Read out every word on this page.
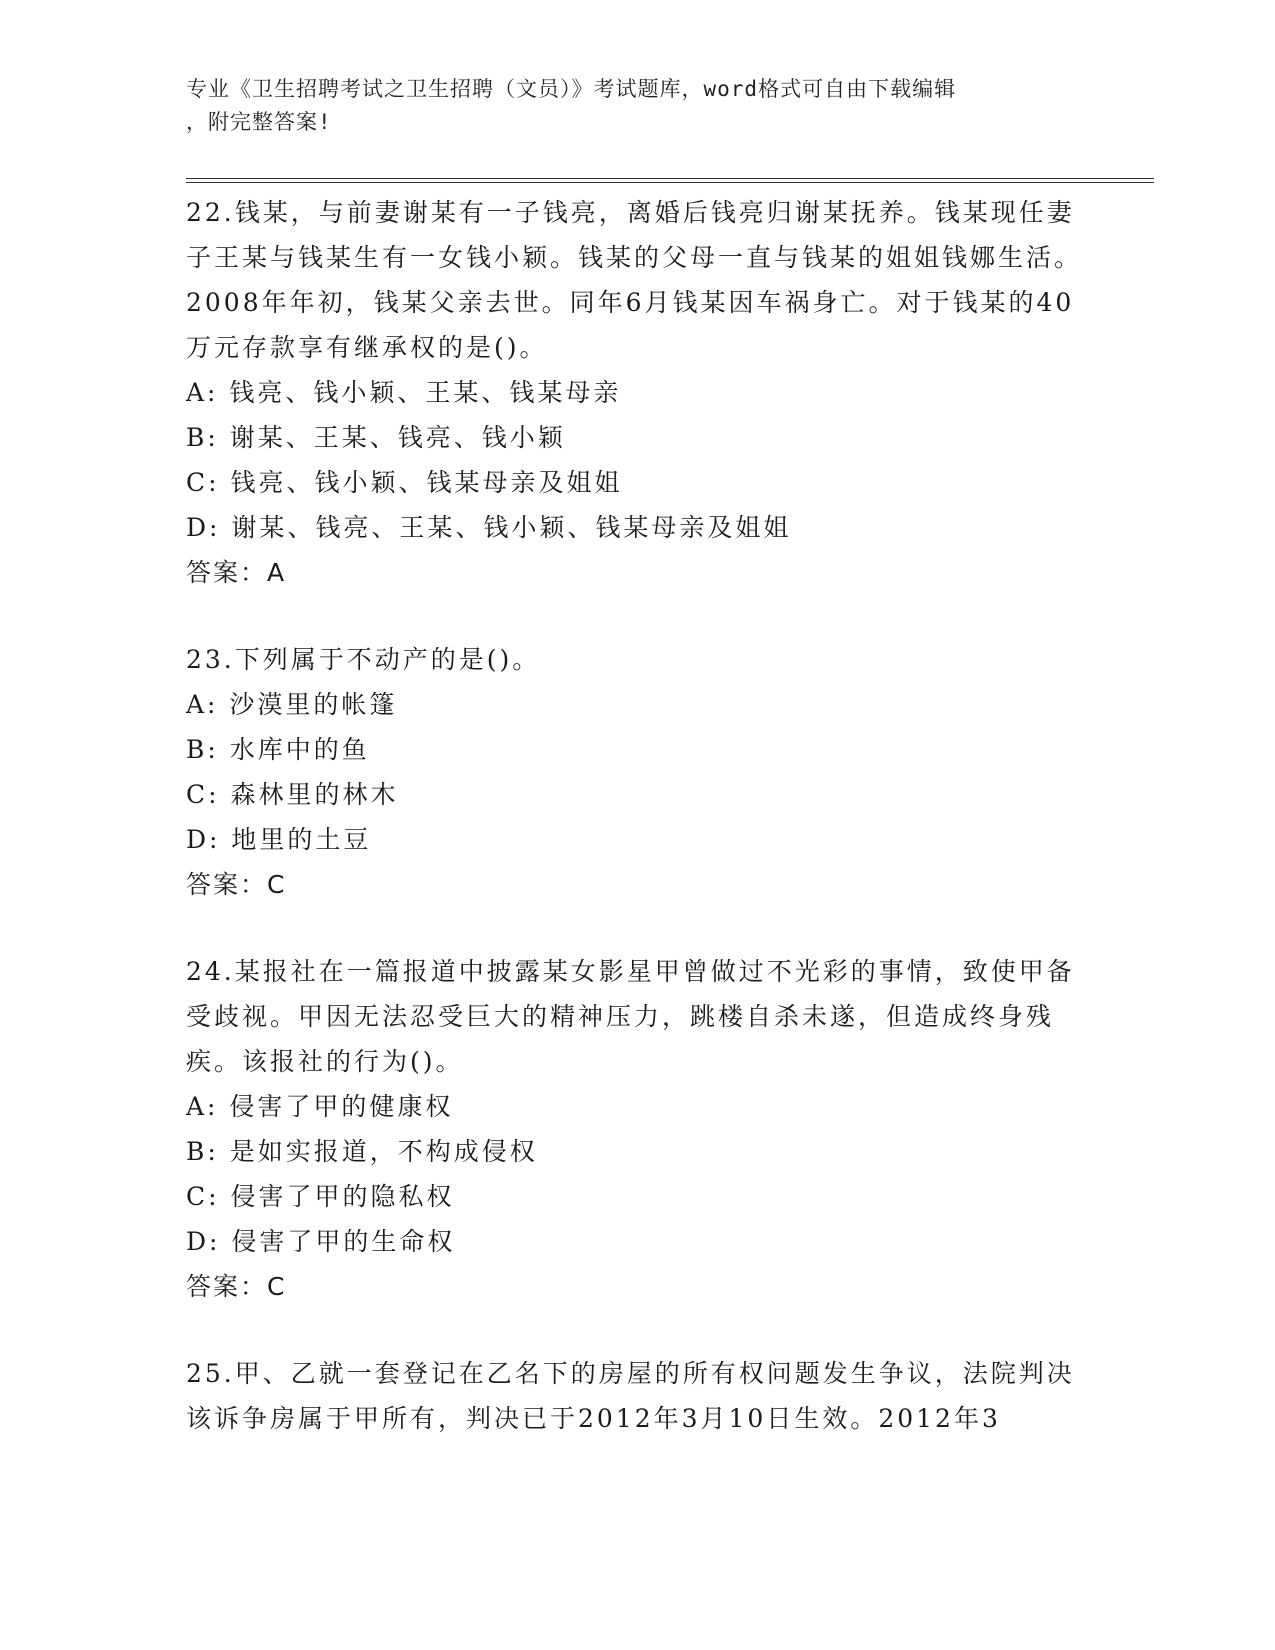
专业《卫生招聘考试之卫生招聘（文员）》考试题库，word格式可自由下载编辑
，附完整答案!

22.钱某，与前妻谢某有一子钱亮，离婚后钱亮归谢某抚养。钱某现任妻子王某与钱某生有一女钱小颖。钱某的父母一直与钱某的姐姐钱娜生活。2008年年初，钱某父亲去世。同年6月钱某因车祸身亡。对于钱某的40万元存款享有继承权的是()。

A: 钱亮、钱小颖、王某、钱某母亲

B: 谢某、王某、钱亮、钱小颖

C: 钱亮、钱小颖、钱某母亲及姐姐

D: 谢某、钱亮、王某、钱小颖、钱某母亲及姐姐

答案：A

23.下列属于不动产的是()。

A: 沙漠里的帐篷

B: 水库中的鱼

C: 森林里的林木

D: 地里的土豆

答案：C

24.某报社在一篇报道中披露某女影星甲曾做过不光彩的事情，致使甲备受歧视。甲因无法忍受巨大的精神压力，跳楼自杀未遂，但造成终身残疾。该报社的行为()。

A: 侵害了甲的健康权

B: 是如实报道，不构成侵权

C: 侵害了甲的隐私权

D: 侵害了甲的生命权

答案：C

25.甲、乙就一套登记在乙名下的房屋的所有权问题发生争议，法院判决该诉争房属于甲所有，判决已于2012年3月10日生效。2012年3
